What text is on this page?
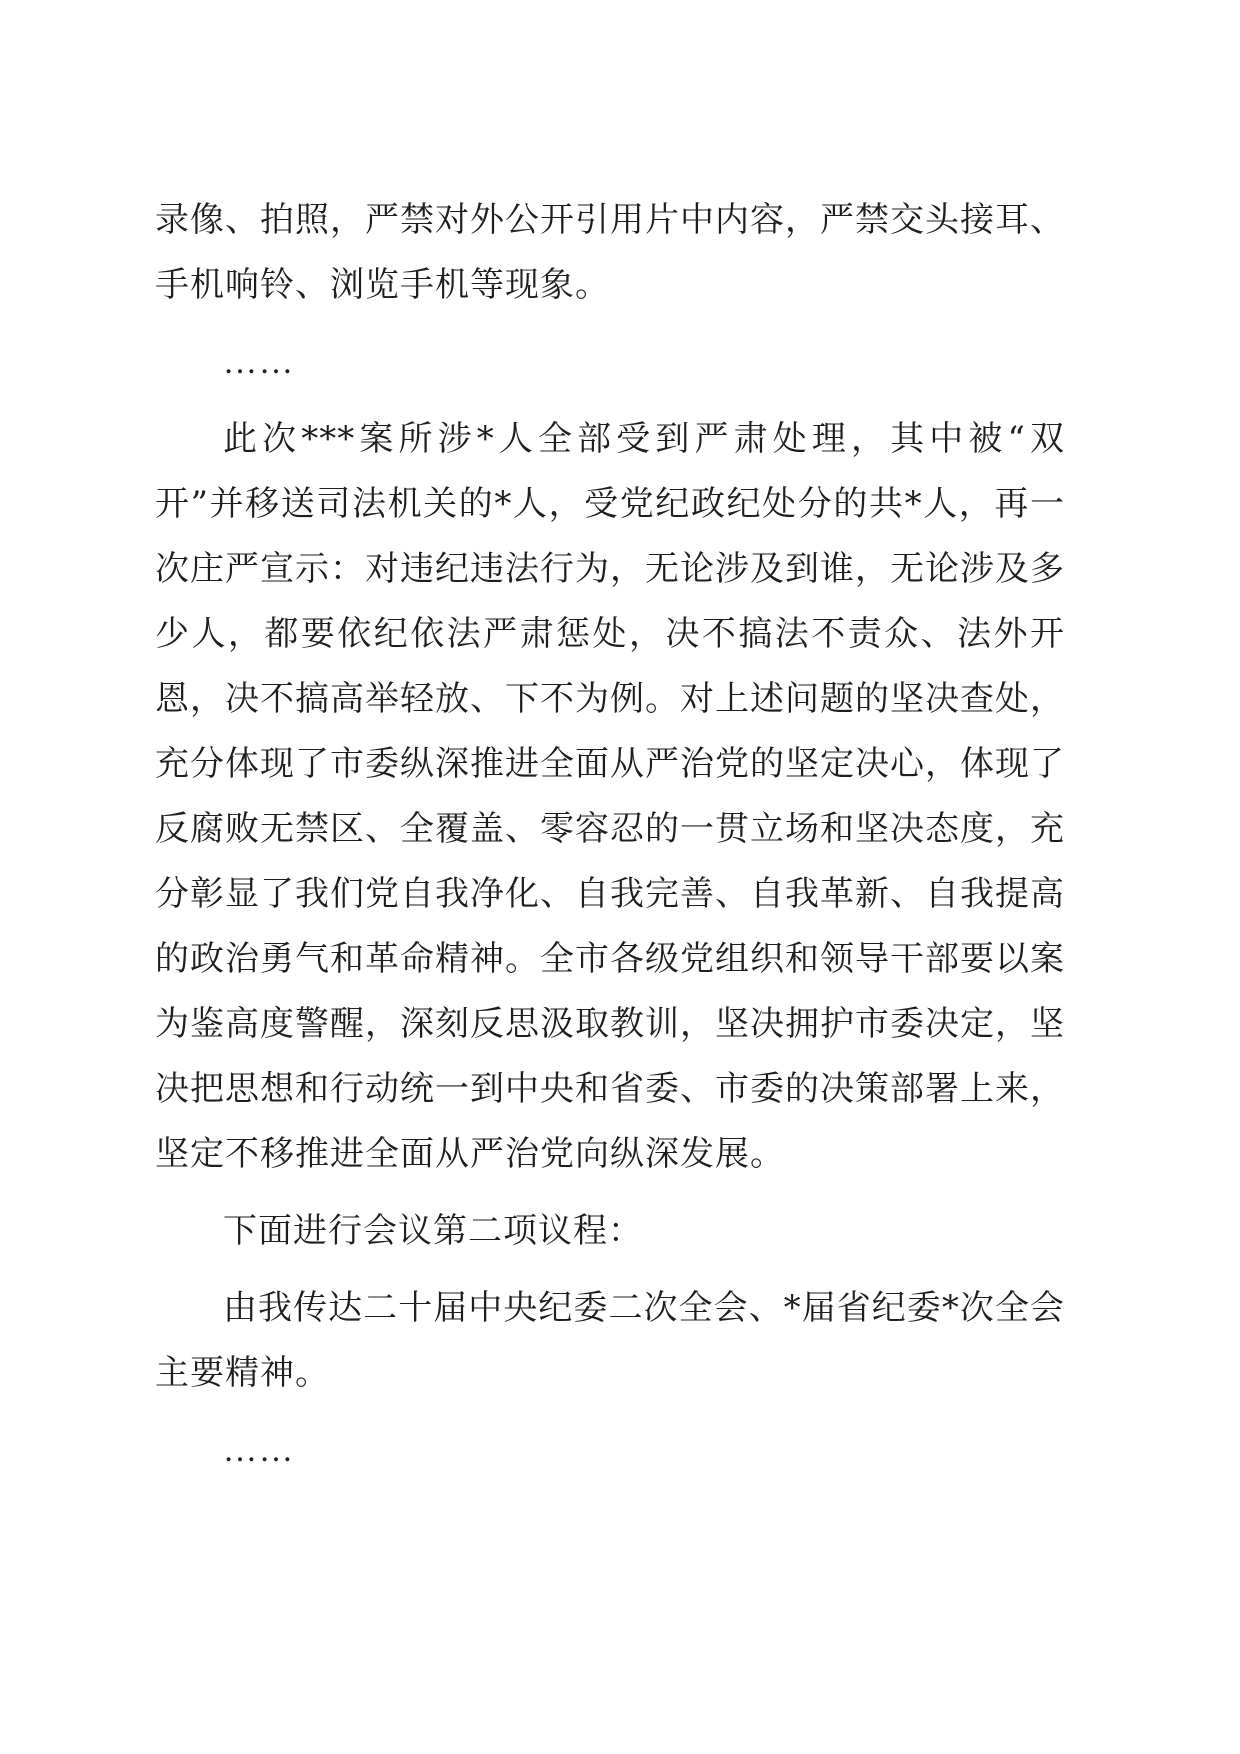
录像、拍照，严禁对外公开引用片中内容，严禁交头接耳、手机响铃、浏览手机等现象。

……

此次***案所涉*人全部受到严肃处理，其中被“双开”并移送司法机关的*人，受党纪政纪处分的共*人，再一次庄严宣示：对违纪违法行为，无论涉及到谁，无论涉及多少人，都要依纪依法严肃惩处，决不搞法不责众、法外开恩，决不搞高举轻放、下不为例。对上述问题的坚决查处，充分体现了市委纵深推进全面从严治党的坚定决心，体现了反腐败无禁区、全覆盖、零容忍的一贯立场和坚决态度，充分彰显了我们党自我净化、自我完善、自我革新、自我提高的政治勇气和革命精神。全市各级党组织和领导干部要以案为鉴高度警醒，深刻反思汲取教训，坚决拥护市委决定，坚决把思想和行动统一到中央和省委、市委的决策部署上来，坚定不移推进全面从严治党向纵深发展。

下面进行会议第二项议程：

由我传达二十届中央纪委二次全会、*届省纪委*次全会主要精神。

……
